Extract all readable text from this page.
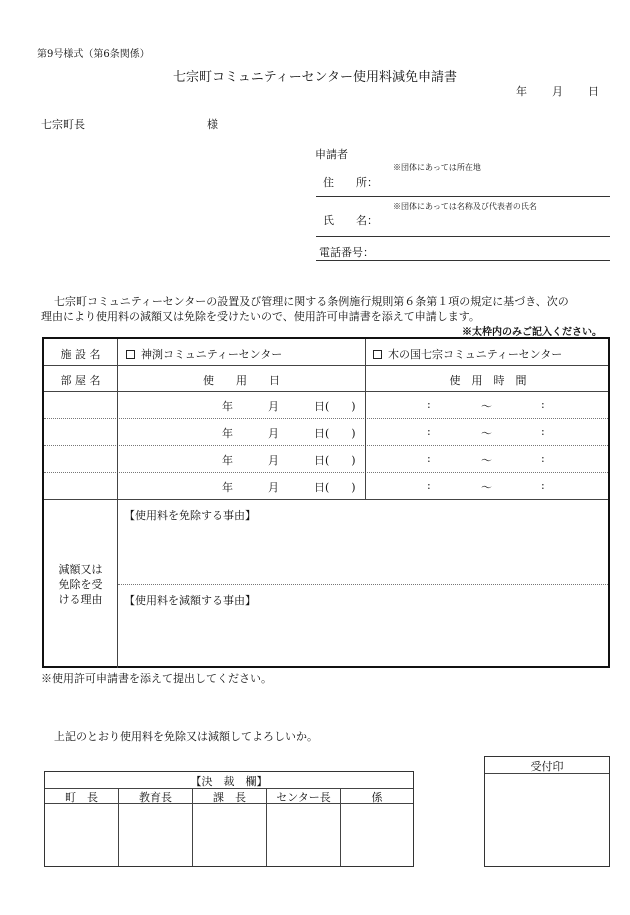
第9号様式（第6条関係）
七宗町コミュニティーセンター使用料減免申請書
年 月 日
七宗町長	様
申請者
※団体にあっては所在地
住　　所：
※団体にあっては名称及び代表者の氏名
氏　　名：
電話番号：
七宗町コミュニティーセンターの設置及び管理に関する条例施行規則第６条第１項の規定に基づき、次の
理由により使用料の減額又は免除を受けたいので、使用許可申請書を添えて申請します。
※太枠内のみご記入ください。
施 設 名	神渕コミュニティーセンター	木の国七宗コミュニティーセンター
部 屋 名	使　　用　　日	使　用　時　間
年	月	日(　　)	:	〜	:
年	月	日(　　)	:	〜	:
年	月	日(　　)	:	〜	:
年	月	日(　　)	:	〜	:
減額又は
免除を受
ける理由
【使用料を免除する事由】
【使用料を減額する事由】
※使用許可申請書を添えて提出してください。
上記のとおり使用料を免除又は減額してよろしいか。
【決　裁　欄】
町　長	教育長	課　長	センター長	係
受付印
